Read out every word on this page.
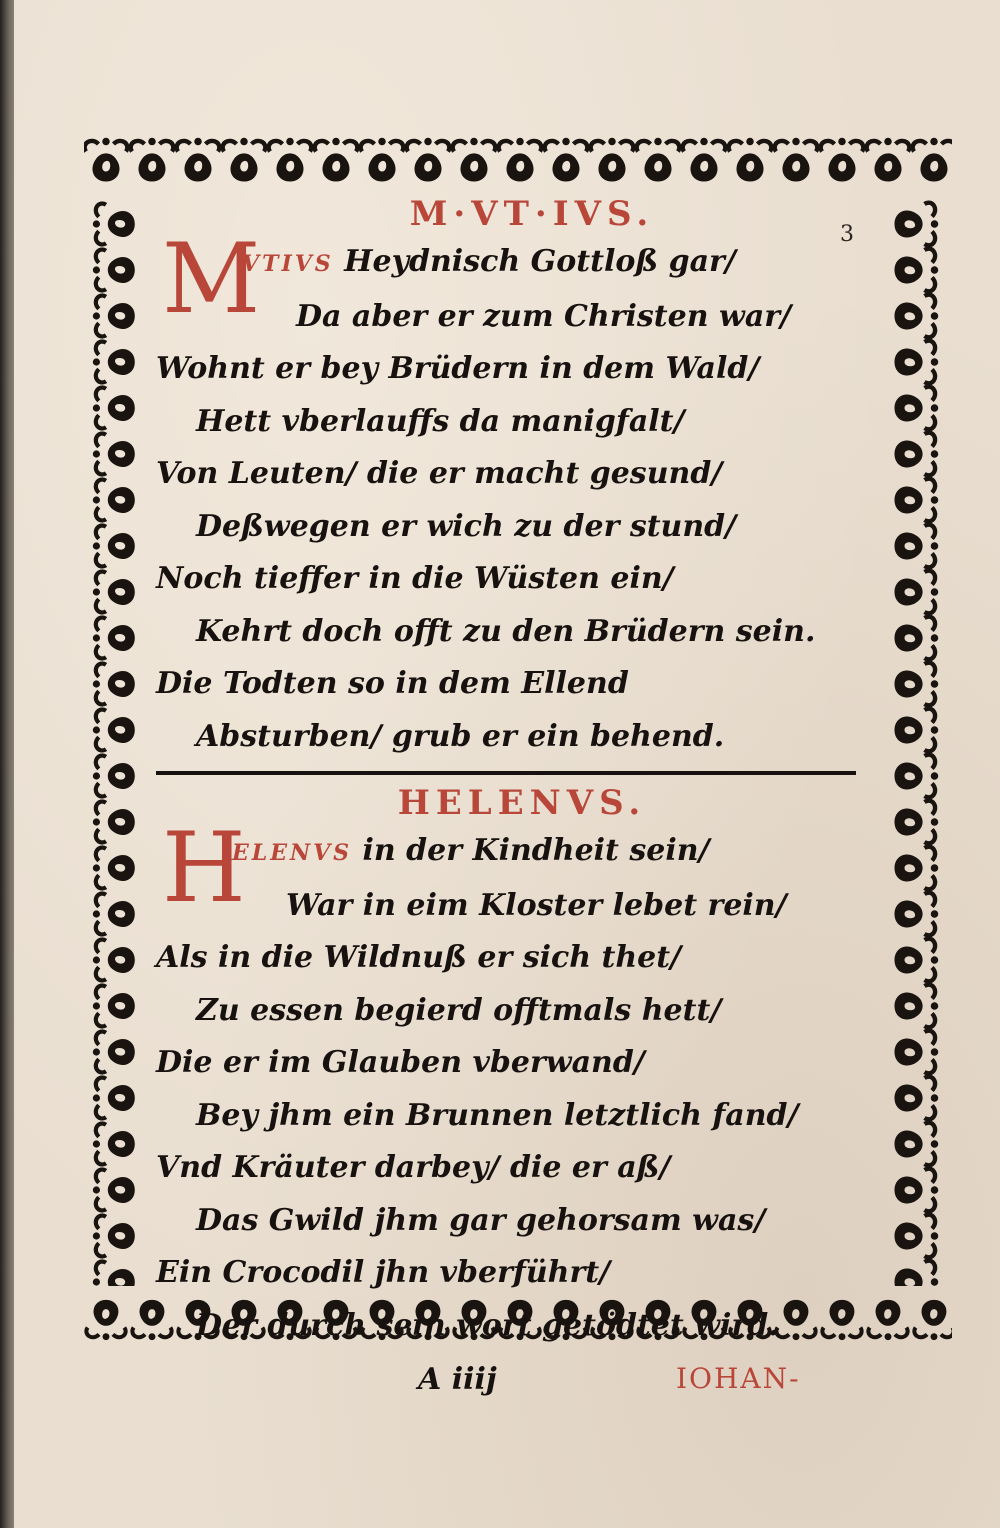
3
M·VT·IVS.
M
VTIVS Heydnisch Gottloß gar/
Da aber er zum Christen war/
Wohnt er bey Brüdern in dem Wald/
Hett vberlauffs da manigfalt/
Von Leuten/ die er macht gesund/
Deßwegen er wich zu der stund/
Noch tieffer in die Wüsten ein/
Kehrt doch offt zu den Brüdern sein.
Die Todten so in dem Ellend
Absturben/ grub er ein behend.
HELENVS.
H
ELENVS in der Kindheit sein/
War in eim Kloster lebet rein/
Als in die Wildnuß er sich thet/
Zu essen begierd offtmals hett/
Die er im Glauben vberwand/
Bey jhm ein Brunnen letztlich fand/
Vnd Kräuter darbey/ die er aß/
Das Gwild jhm gar gehorsam was/
Ein Crocodil jhn vberführt/
Der durch sein wort getödtet wird.
A iiij	IOHAN-
